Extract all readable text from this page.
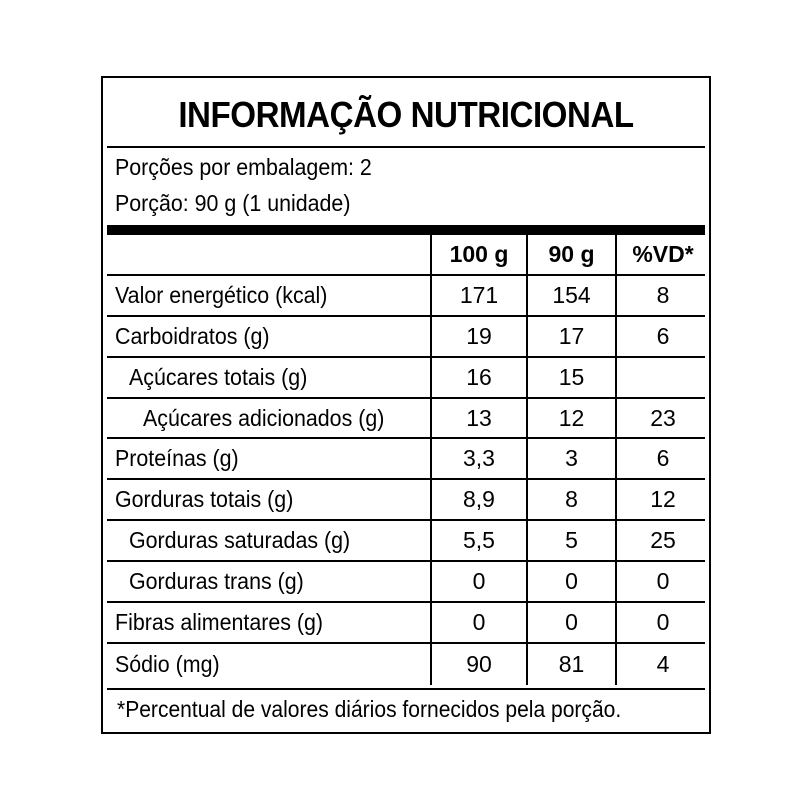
INFORMAÇÃO NUTRICIONAL
Porções por embalagem: 2
Porção: 90 g (1 unidade)
100 g	90 g	%VD*
Valor energético (kcal)	171	154	8
Carboidratos (g)	19	17	6
Açúcares totais (g)	16	15
Açúcares adicionados (g)	13	12	23
Proteínas (g)	3,3	3	6
Gorduras totais (g)	8,9	8	12
Gorduras saturadas (g)	5,5	5	25
Gorduras trans (g)	0	0	0
Fibras alimentares (g)	0	0	0
Sódio (mg)	90	81	4
*Percentual de valores diários fornecidos pela porção.
